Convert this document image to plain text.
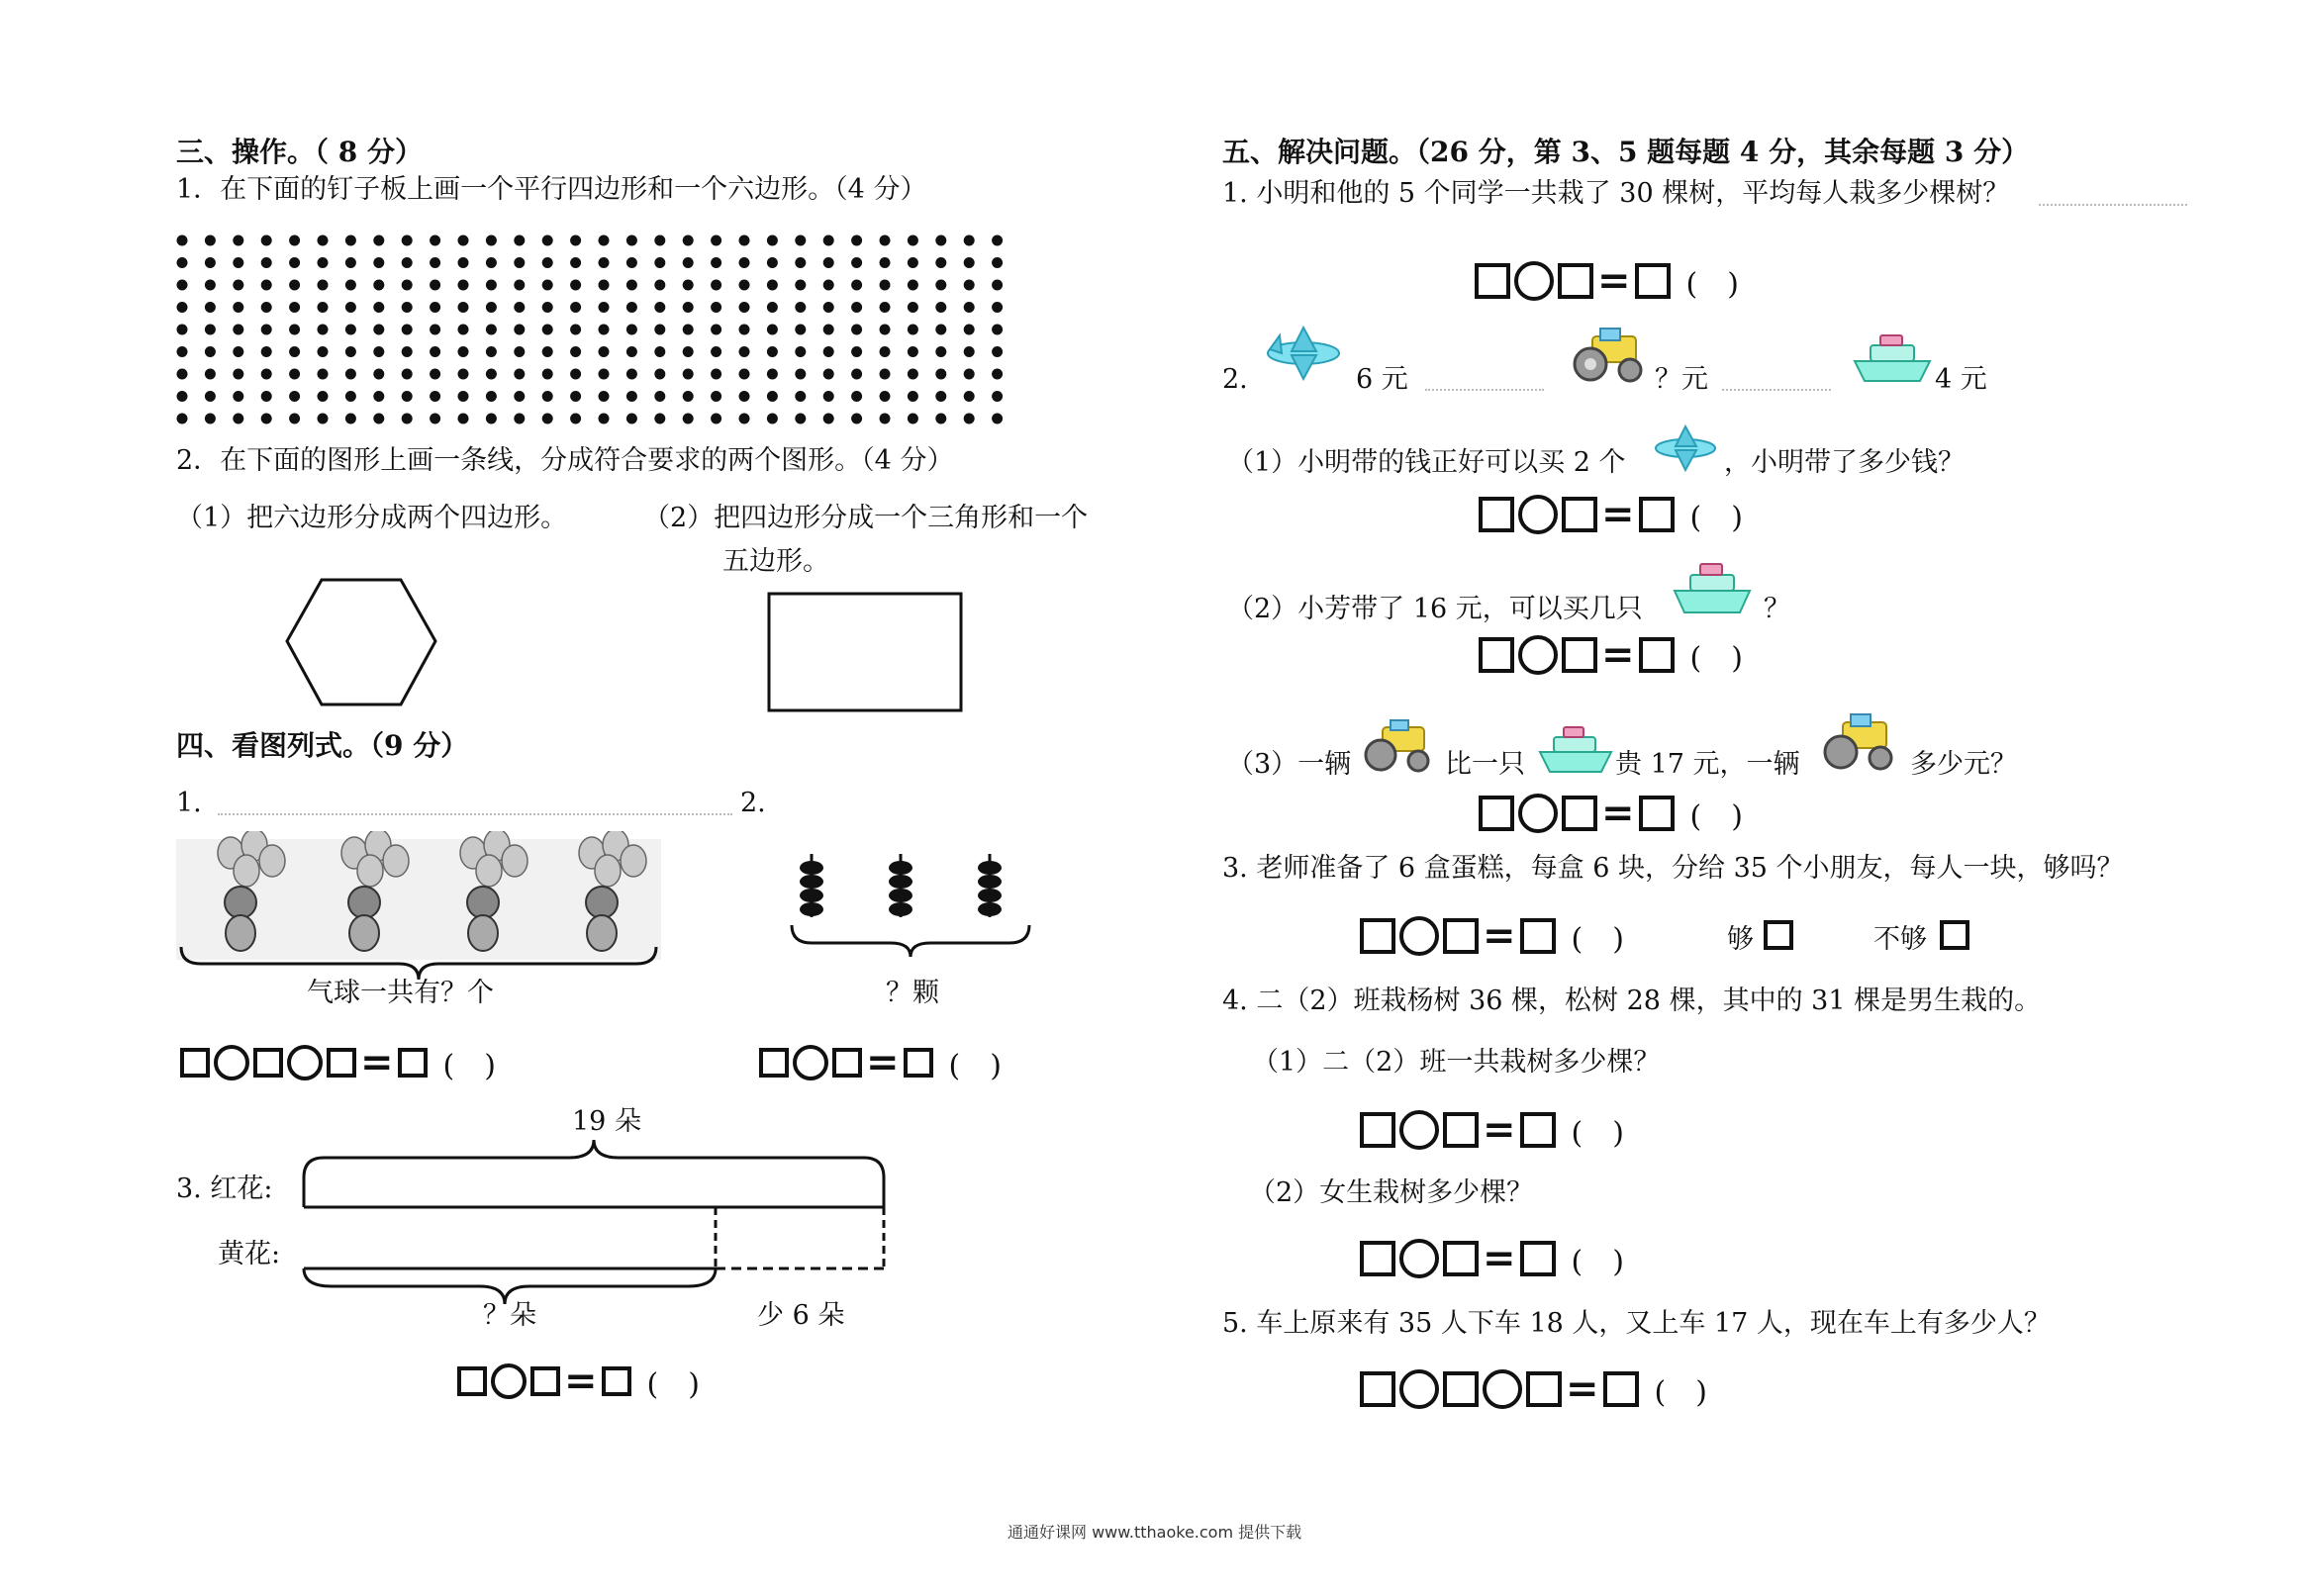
三、操作。（ 8 分）
1．在下面的钉子板上画一个平行四边形和一个六边形。（4 分）
2．在下面的图形上画一条线，分成符合要求的两个图形。（4 分）
（1）把六边形分成两个四边形。	（2）把四边形分成一个三角形和一个
五边形。
四、看图列式。（9 分）
1.	2.
气球一共有？个	？颗
= (　)	= (　)
19 朵
3. 红花:
黄花:
？朵	少 6 朵
= (　)
五、解决问题。（26 分，第 3、5 题每题 4 分，其余每题 3 分）
1. 小明和他的 5 个同学一共栽了 30 棵树，平均每人栽多少棵树？
= (　)
2.	6 元	？元	4 元
（1）小明带的钱正好可以买 2 个	，小明带了多少钱？
= (　)
（2）小芳带了 16 元，可以买几只	？
= (　)
（3）一辆	比一只	贵 17 元，一辆	多少元？
= (　)
3. 老师准备了 6 盒蛋糕，每盒 6 块，分给 35 个小朋友，每人一块，够吗？
= (　)	够	不够
4. 二（2）班栽杨树 36 棵，松树 28 棵，其中的 31 棵是男生栽的。
（1）二（2）班一共栽树多少棵？
= (　)
（2）女生栽树多少棵？
= (　)
5. 车上原来有 35 人下车 18 人，又上车 17 人，现在车上有多少人？
= (　)
通通好课网 www.tthaoke.com 提供下载
